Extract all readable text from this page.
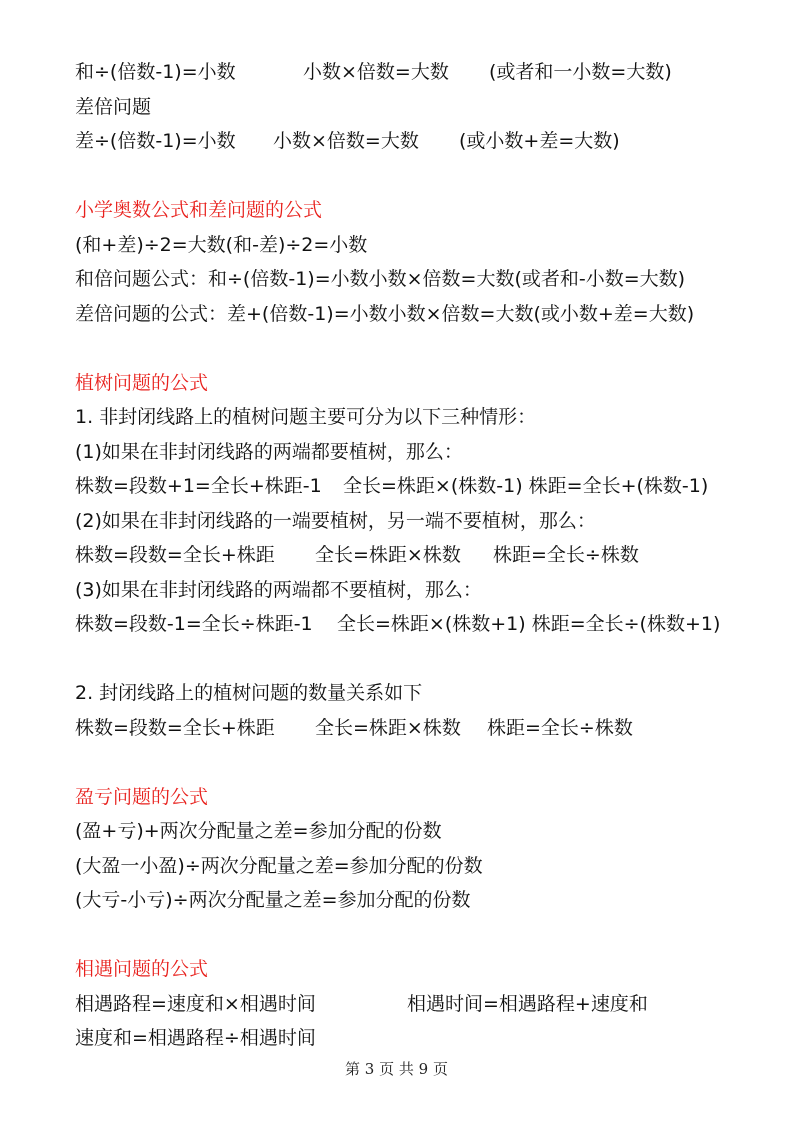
和÷(倍数-1)=小数	小数×倍数=大数 (或者和一小数=大数)
差倍问题
差÷(倍数-1)=小数 小数×倍数=大数 (或小数+差=大数)
小学奥数公式和差问题的公式
(和+差)÷2=大数(和-差)÷2=小数
和倍问题公式：和÷(倍数-1)=小数小数×倍数=大数(或者和-小数=大数)
差倍问题的公式：差+(倍数-1)=小数小数×倍数=大数(或小数+差=大数)
植树问题的公式
1. 非封闭线路上的植树问题主要可分为以下三种情形：
(1)如果在非封闭线路的两端都要植树，那么：
株数=段数+1=全长+株距-1 全长=株距×(株数-1) 株距=全长+(株数-1)
(2)如果在非封闭线路的一端要植树，另一端不要植树，那么：
株数=段数=全长+株距 全长=株距×株数 株距=全长÷株数
(3)如果在非封闭线路的两端都不要植树，那么：
株数=段数-1=全长÷株距-1 全长=株距×(株数+1) 株距=全长÷(株数+1)
2. 封闭线路上的植树问题的数量关系如下
株数=段数=全长+株距 全长=株距×株数 株距=全长÷株数
盈亏问题的公式
(盈+亏)+两次分配量之差=参加分配的份数
(大盈一小盈)÷两次分配量之差=参加分配的份数
(大亏-小亏)÷两次分配量之差=参加分配的份数
相遇问题的公式
相遇路程=速度和×相遇时间	相遇时间=相遇路程+速度和
速度和=相遇路程÷相遇时间
第 3 页 共 9 页
